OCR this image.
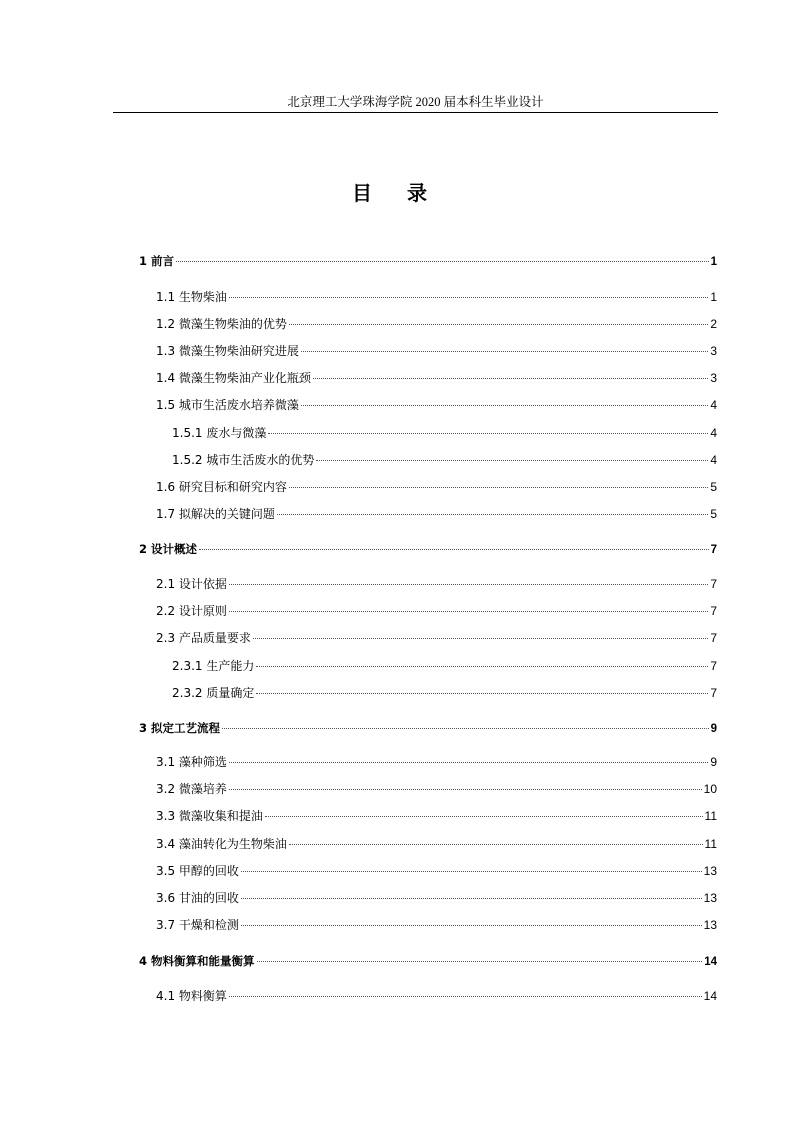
北京理工大学珠海学院 2020 届本科生毕业设计
目 录
1 前言	1
1.1 生物柴油	1
1.2 微藻生物柴油的优势	2
1.3 微藻生物柴油研究进展	3
1.4 微藻生物柴油产业化瓶颈	3
1.5 城市生活废水培养微藻	4
1.5.1 废水与微藻	4
1.5.2 城市生活废水的优势	4
1.6 研究目标和研究内容	5
1.7 拟解决的关键问题	5
2 设计概述	7
2.1 设计依据	7
2.2 设计原则	7
2.3 产品质量要求	7
2.3.1 生产能力	7
2.3.2 质量确定	7
3 拟定工艺流程	9
3.1 藻种筛选	9
3.2 微藻培养	10
3.3 微藻收集和提油	11
3.4 藻油转化为生物柴油	11
3.5 甲醇的回收	13
3.6 甘油的回收	13
3.7 干燥和检测	13
4 物料衡算和能量衡算	14
4.1 物料衡算	14
